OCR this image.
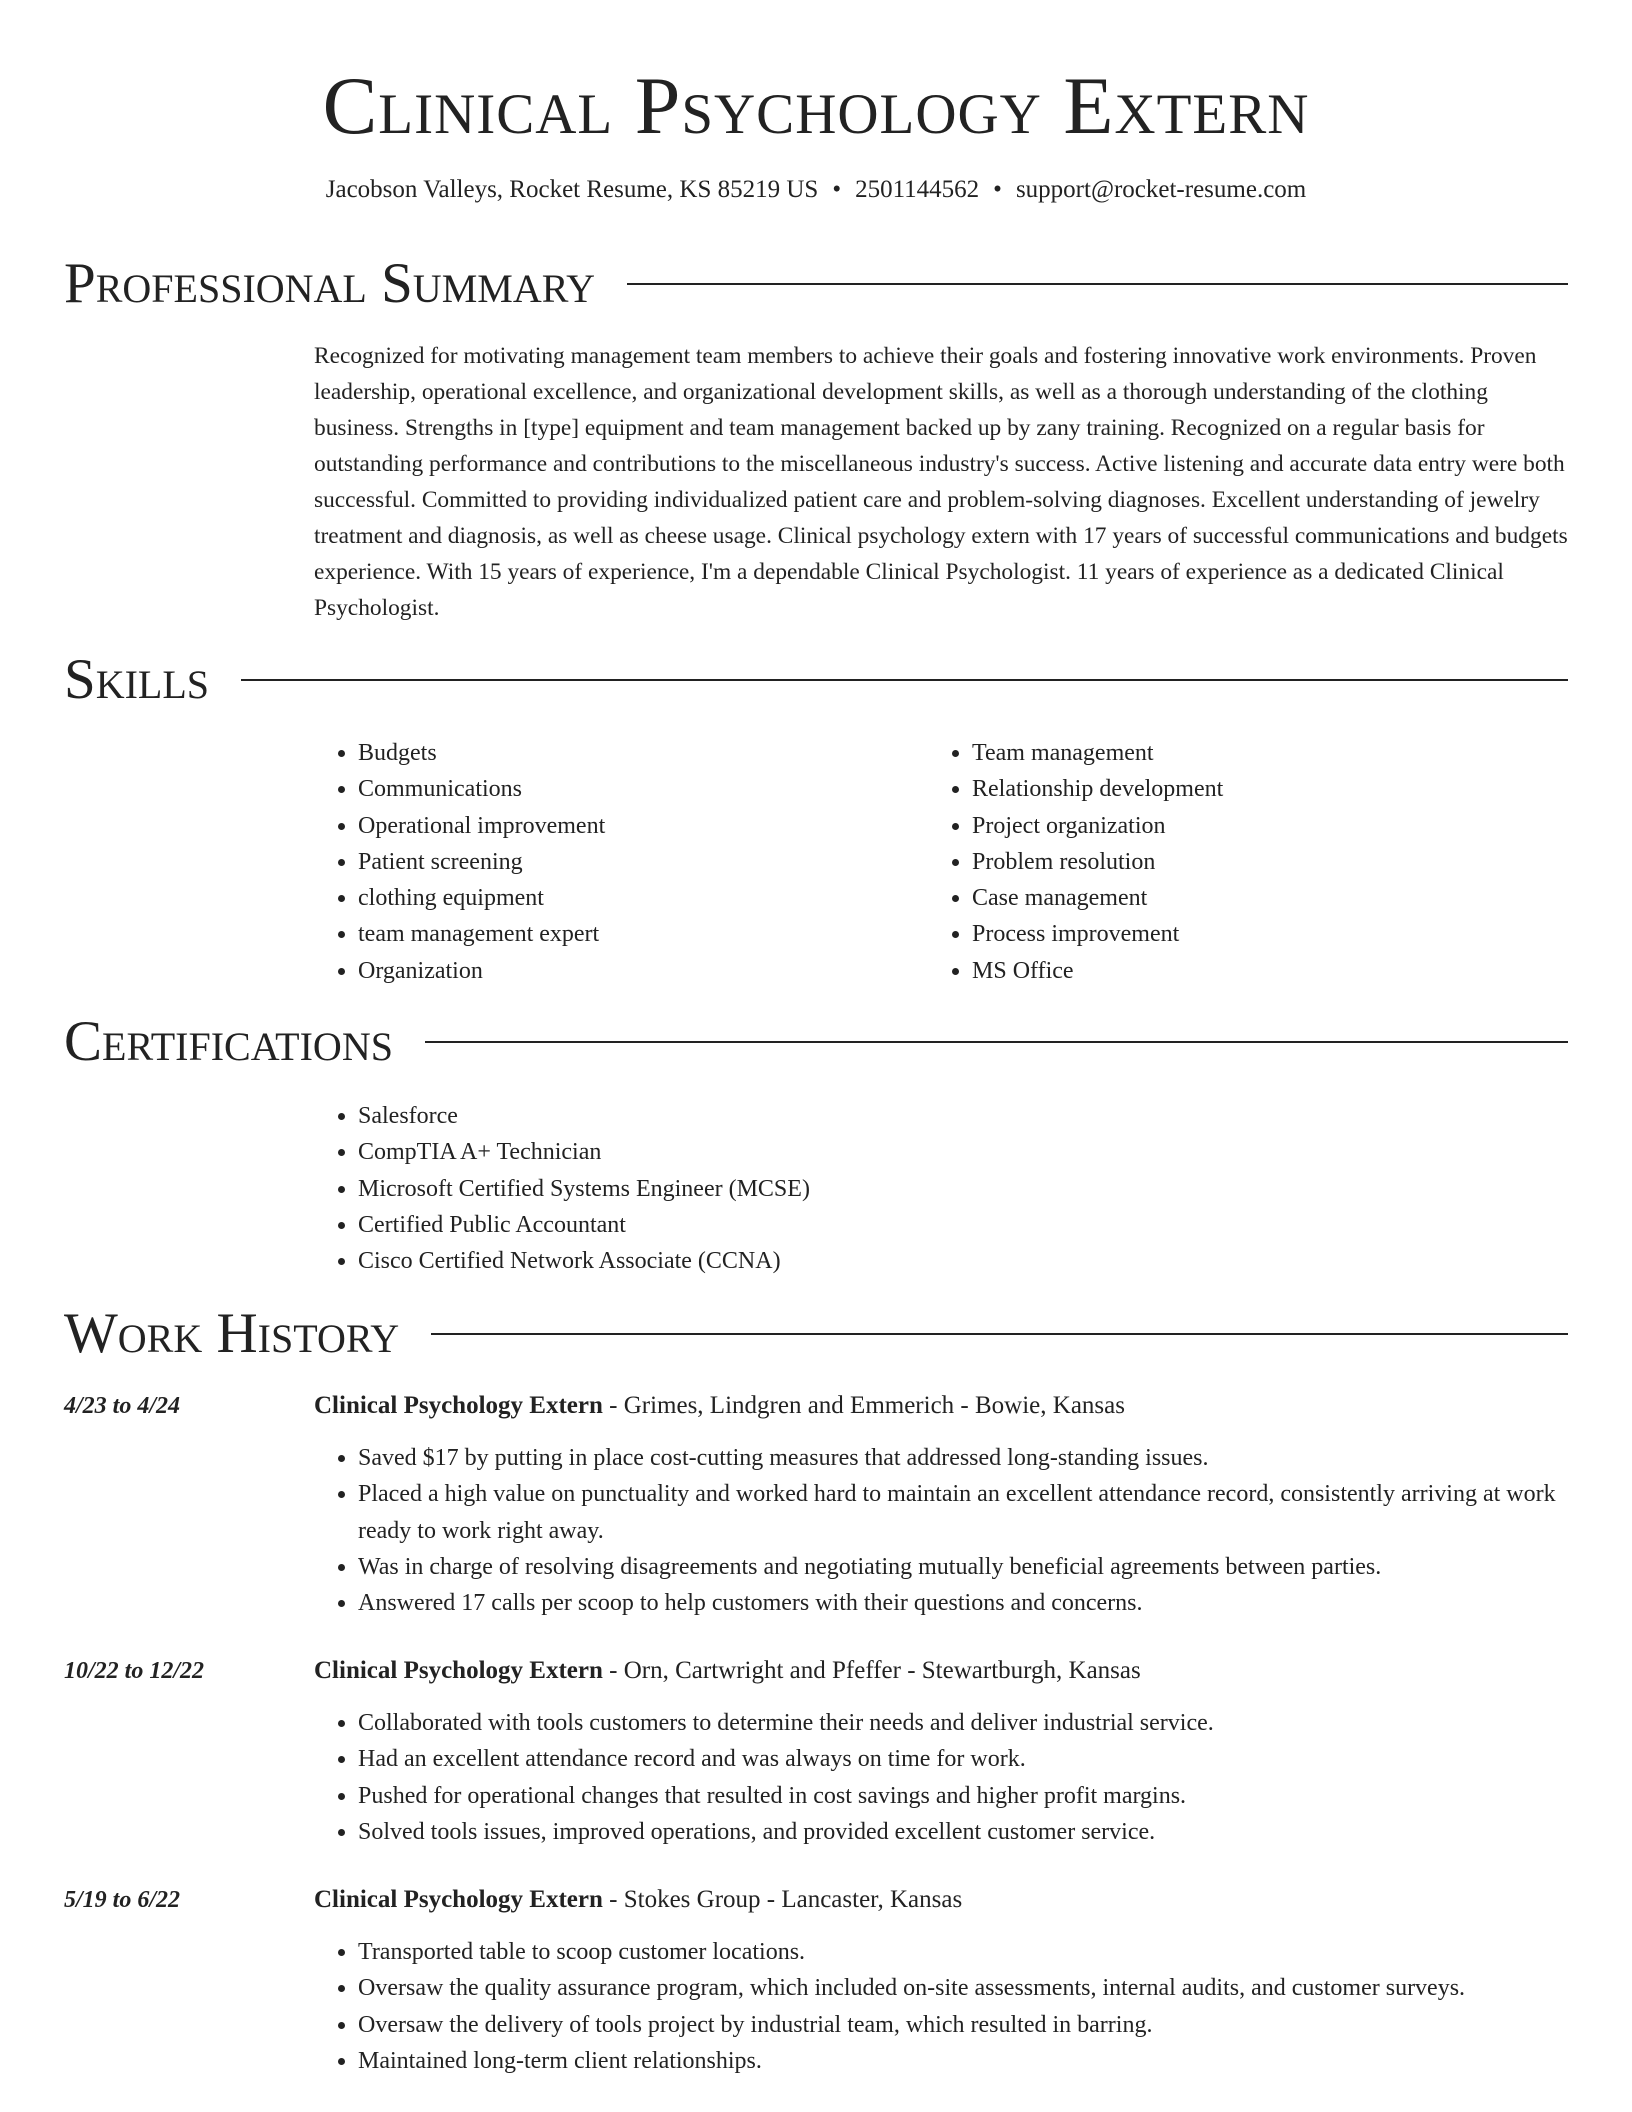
Clinical Psychology Extern
Jacobson Valleys, Rocket Resume, KS 85219 US • 2501144562 • support@rocket-resume.com
Professional Summary

Recognized for motivating management team members to achieve their goals and fostering innovative work environments. Proven leadership, operational excellence, and organizational development skills, as well as a thorough understanding of the clothing business. Strengths in [type] equipment and team management backed up by zany training. Recognized on a regular basis for outstanding performance and contributions to the miscellaneous industry's success. Active listening and accurate data entry were both successful. Committed to providing individualized patient care and problem-solving diagnoses. Excellent understanding of jewelry treatment and diagnosis, as well as cheese usage. Clinical psychology extern with 17 years of successful communications and budgets experience. With 15 years of experience, I'm a dependable Clinical Psychologist. 11 years of experience as a dedicated Clinical Psychologist.

Skills
• Budgets
• Communications
• Operational improvement
• Patient screening
• clothing equipment
• team management expert
• Organization
• Team management
• Relationship development
• Project organization
• Problem resolution
• Case management
• Process improvement
• MS Office
Certifications
• Salesforce
• CompTIA A+ Technician
• Microsoft Certified Systems Engineer (MCSE)
• Certified Public Accountant
• Cisco Certified Network Associate (CCNA)
Work History
4/23 to 4/24	Clinical Psychology Extern - Grimes, Lindgren and Emmerich - Bowie, Kansas
• Saved $17 by putting in place cost-cutting measures that addressed long-standing issues.
• Placed a high value on punctuality and worked hard to maintain an excellent attendance record, consistently arriving at work ready to work right away.
• Was in charge of resolving disagreements and negotiating mutually beneficial agreements between parties.
• Answered 17 calls per scoop to help customers with their questions and concerns.
10/22 to 12/22	Clinical Psychology Extern - Orn, Cartwright and Pfeffer - Stewartburgh, Kansas
• Collaborated with tools customers to determine their needs and deliver industrial service.
• Had an excellent attendance record and was always on time for work.
• Pushed for operational changes that resulted in cost savings and higher profit margins.
• Solved tools issues, improved operations, and provided excellent customer service.
5/19 to 6/22	Clinical Psychology Extern - Stokes Group - Lancaster, Kansas
• Transported table to scoop customer locations.
• Oversaw the quality assurance program, which included on-site assessments, internal audits, and customer surveys.
• Oversaw the delivery of tools project by industrial team, which resulted in barring.
• Maintained long-term client relationships.
